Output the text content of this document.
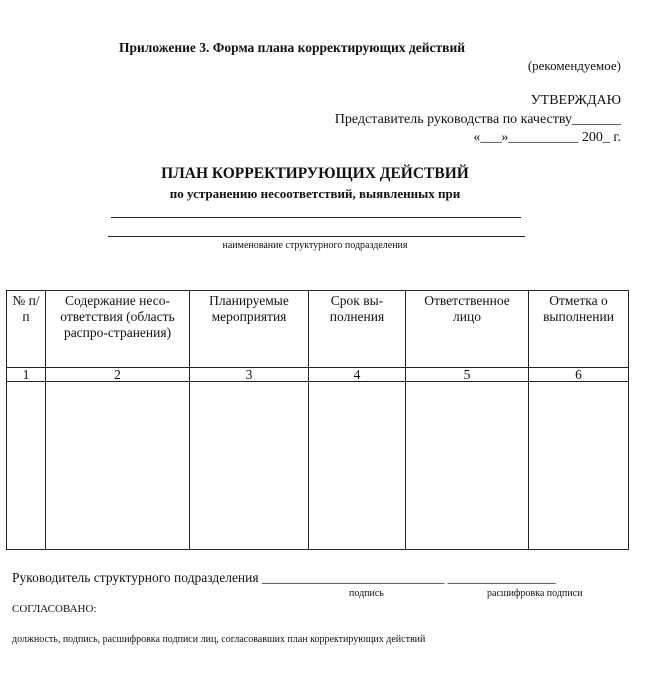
Приложение 3. Форма плана корректирующих действий
(рекомендуемое)
УТВЕРЖДАЮ
Представитель руководства по качеству_______
«___»__________ 200_ г.
ПЛАН КОРРЕКТИРУЮЩИХ ДЕЙСТВИЙ
по устранению несоответствий, выявленных при
наименование структурного подразделения
№ п/п	Содержание несо-ответствия (область распро-странения)	Планируемые мероприятия	Срок вы-полнения	Ответственное лицо	Отметка о выполнении
1	2	3	4	5	6

Руководитель структурного подразделения ___________________________ ________________
подпись	расшифровка подписи
СОГЛАСОВАНО:
должность, подпись, расшифровка подписи лиц, согласовавших план корректирующих действий
